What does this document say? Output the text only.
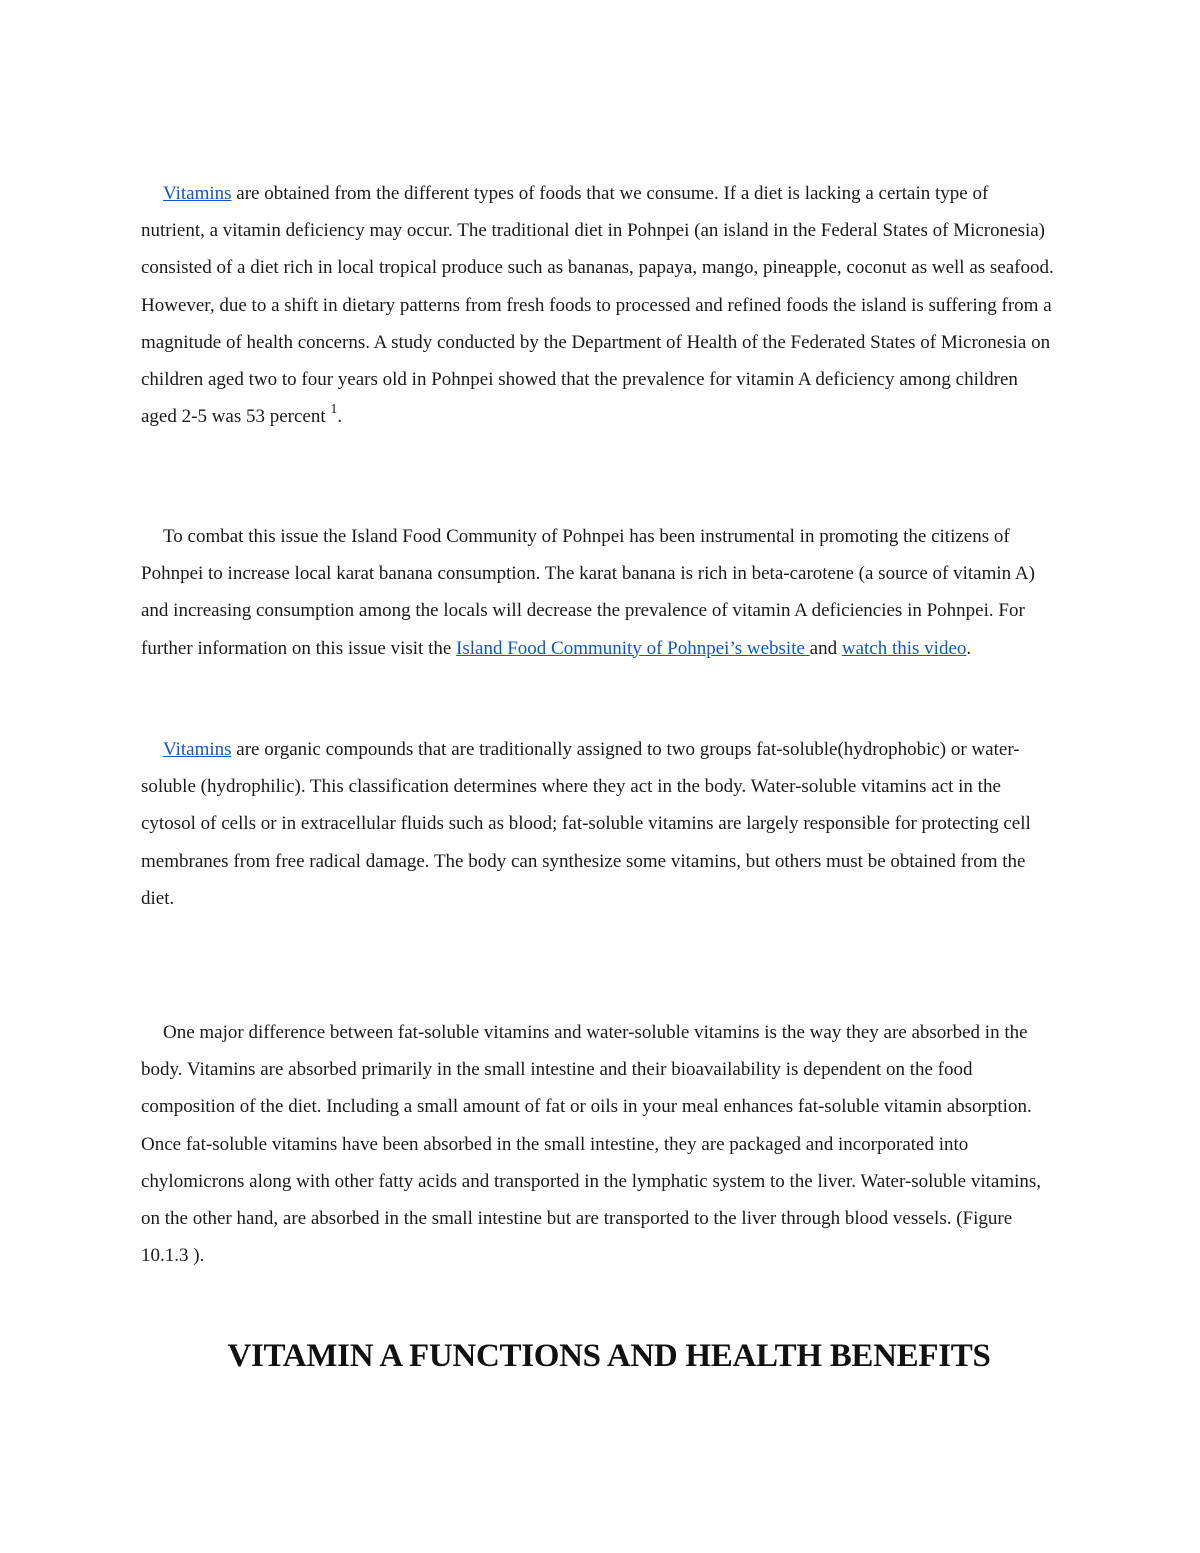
Vitamins are obtained from the different types of foods that we consume. If a diet is lacking a certain type of nutrient, a vitamin deficiency may occur. The traditional diet in Pohnpei (an island in the Federal States of Micronesia) consisted of a diet rich in local tropical produce such as bananas, papaya, mango, pineapple, coconut as well as seafood. However, due to a shift in dietary patterns from fresh foods to processed and refined foods the island is suffering from a magnitude of health concerns. A study conducted by the Department of Health of the Federated States of Micronesia on children aged two to four years old in Pohnpei showed that the prevalence for vitamin A deficiency among children aged 2-5 was 53 percent $^1$.

To combat this issue the Island Food Community of Pohnpei has been instrumental in promoting the citizens of Pohnpei to increase local karat banana consumption. The karat banana is rich in beta-carotene (a source of vitamin A) and increasing consumption among the locals will decrease the prevalence of vitamin A deficiencies in Pohnpei. For further information on this issue visit the Island Food Community of Pohnpei’s website and watch this video.

Vitamins are organic compounds that are traditionally assigned to two groups fat-soluble(hydrophobic) or water-soluble (hydrophilic). This classification determines where they act in the body. Water-soluble vitamins act in the cytosol of cells or in extracellular fluids such as blood; fat-soluble vitamins are largely responsible for protecting cell membranes from free radical damage. The body can synthesize some vitamins, but others must be obtained from the diet.

One major difference between fat-soluble vitamins and water-soluble vitamins is the way they are absorbed in the body. Vitamins are absorbed primarily in the small intestine and their bioavailability is dependent on the food composition of the diet. Including a small amount of fat or oils in your meal enhances fat-soluble vitamin absorption. Once fat-soluble vitamins have been absorbed in the small intestine, they are packaged and incorporated into chylomicrons along with other fatty acids and transported in the lymphatic system to the liver. Water-soluble vitamins, on the other hand, are absorbed in the small intestine but are transported to the liver through blood vessels. (Figure 10.1.3 ).

VITAMIN A FUNCTIONS AND HEALTH BENEFITS
